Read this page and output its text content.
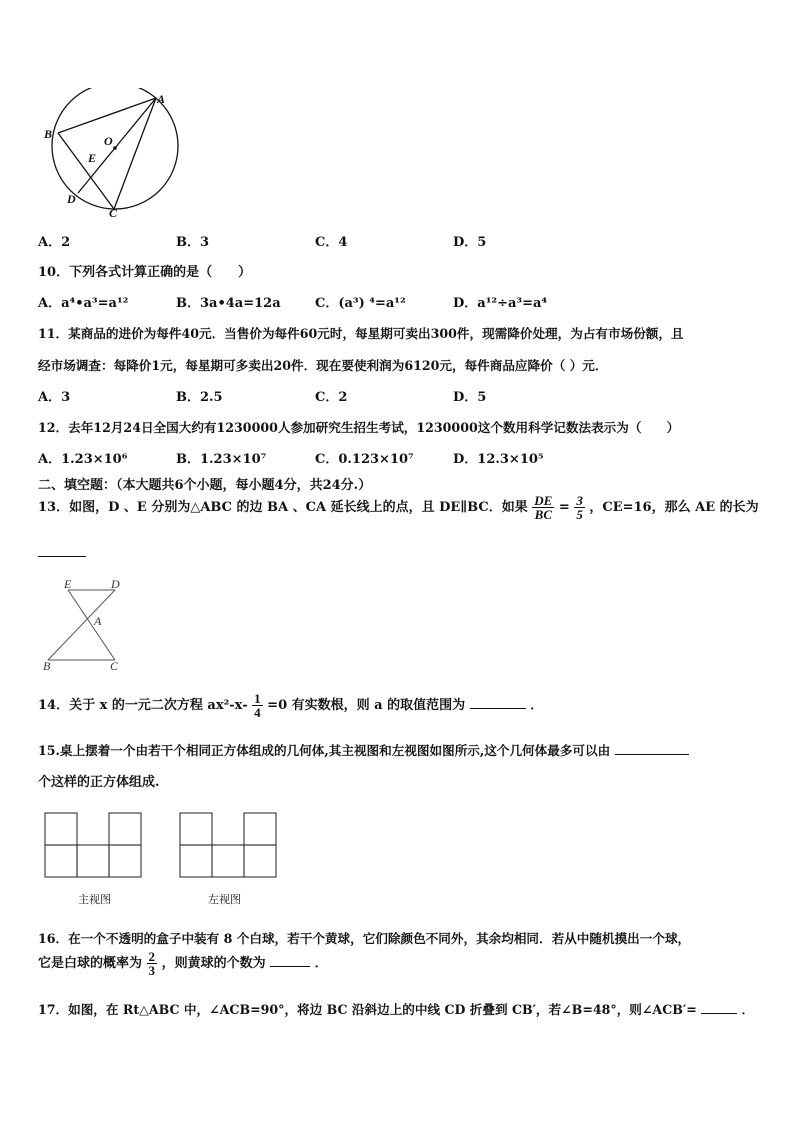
A
B	O
E
D
C
A．2	B．3	C．4	D．5
10．下列各式计算正确的是（　　）
A．a⁴•a³=a¹²	B．3a•4a=12a	C．(a³) ⁴=a¹²	D．a¹²÷a³=a⁴
11．某商品的进价为每件40元．当售价为每件60元时，每星期可卖出300件，现需降价处理，为占有市场份额，且
经市场调查：每降价1元，每星期可多卖出20件．现在要使利润为6120元，每件商品应降价（ ）元．
A．3	B．2.5	C．2	D．5
12．去年12月24日全国大约有1230000人参加研究生招生考试，1230000这个数用科学记数法表示为（　　）
A．1.23×10⁶	B．1.23×10⁷	C．0.123×10⁷	D．12.3×10⁵
二、填空题：（本大题共6个小题，每小题4分，共24分.）
13．如图，D 、E 分别为△ABC 的边 BA 、CA 延长线上的点，且 DE∥BC．如果 $\frac{DE}{BC} = \frac{3}{5}$ ，CE=16，那么 AE 的长为
E	D
A
B	C
14．关于 x 的一元二次方程 $ax^2-x- \frac{1}{4} =0$ 有实数根，则 a 的取值范围为	．
15.桌上摆着一个由若干个相同正方体组成的几何体,其主视图和左视图如图所示,这个几何体最多可以由
个这样的正方体组成.
主视图	左视图
16．在一个不透明的盒子中装有 8 个白球，若干个黄球，它们除颜色不同外，其余均相同．若从中随机摸出一个球，
它是白球的概率为 $\frac{2}{3}$ ，则黄球的个数为	．
17．如图，在 Rt△ABC 中，∠ACB=90°，将边 BC 沿斜边上的中线 CD 折叠到 CB′，若∠B=48°，则∠ACB′=	．
